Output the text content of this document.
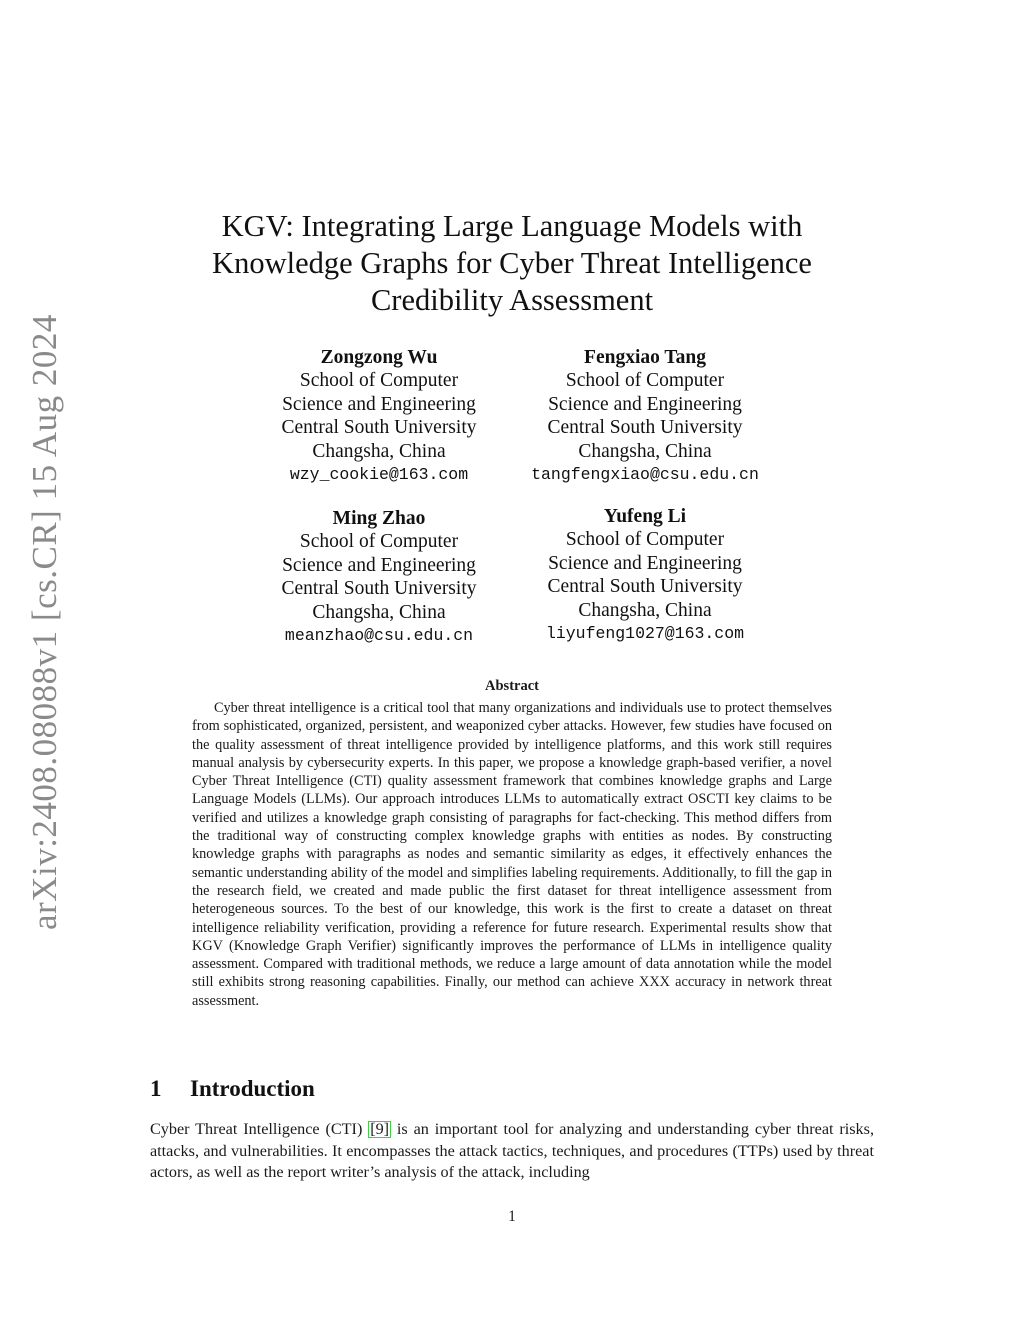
arXiv:2408.08088v1 [cs.CR] 15 Aug 2024
KGV: Integrating Large Language Models with
Knowledge Graphs for Cyber Threat Intelligence
Credibility Assessment
Zongzong Wu
School of Computer
Science and Engineering
Central South University
Changsha, China
wzy_cookie@163.com
Fengxiao Tang
School of Computer
Science and Engineering
Central South University
Changsha, China
tangfengxiao@csu.edu.cn
Ming Zhao
School of Computer
Science and Engineering
Central South University
Changsha, China
meanzhao@csu.edu.cn
Yufeng Li
School of Computer
Science and Engineering
Central South University
Changsha, China
liyufeng1027@163.com
Abstract
Cyber threat intelligence is a critical tool that many organizations and individuals use to protect themselves from sophisticated, organized, persistent, and weaponized cyber attacks. However, few studies have focused on the quality assessment of threat intelligence provided by intelligence platforms, and this work still requires manual analysis by cybersecurity experts. In this paper, we propose a knowledge graph-based verifier, a novel Cyber Threat Intelligence (CTI) quality assessment framework that combines knowledge graphs and Large Language Models (LLMs). Our approach introduces LLMs to automatically extract OSCTI key claims to be verified and utilizes a knowledge graph consisting of paragraphs for fact-checking. This method differs from the traditional way of constructing complex knowledge graphs with entities as nodes. By constructing knowledge graphs with paragraphs as nodes and semantic similarity as edges, it effectively enhances the semantic understanding ability of the model and simplifies labeling requirements. Additionally, to fill the gap in the research field, we created and made public the first dataset for threat intelligence assessment from heterogeneous sources. To the best of our knowledge, this work is the first to create a dataset on threat intelligence reliability verification, providing a reference for future research. Experimental results show that KGV (Knowledge Graph Verifier) significantly improves the performance of LLMs in intelligence quality assessment. Compared with traditional methods, we reduce a large amount of data annotation while the model still exhibits strong reasoning capabilities. Finally, our method can achieve XXX accuracy in network threat assessment.
1 Introduction
Cyber Threat Intelligence (CTI) [9] is an important tool for analyzing and understanding cyber threat risks, attacks, and vulnerabilities. It encompasses the attack tactics, techniques, and procedures (TTPs) used by threat actors, as well as the report writer’s analysis of the attack, including
1
